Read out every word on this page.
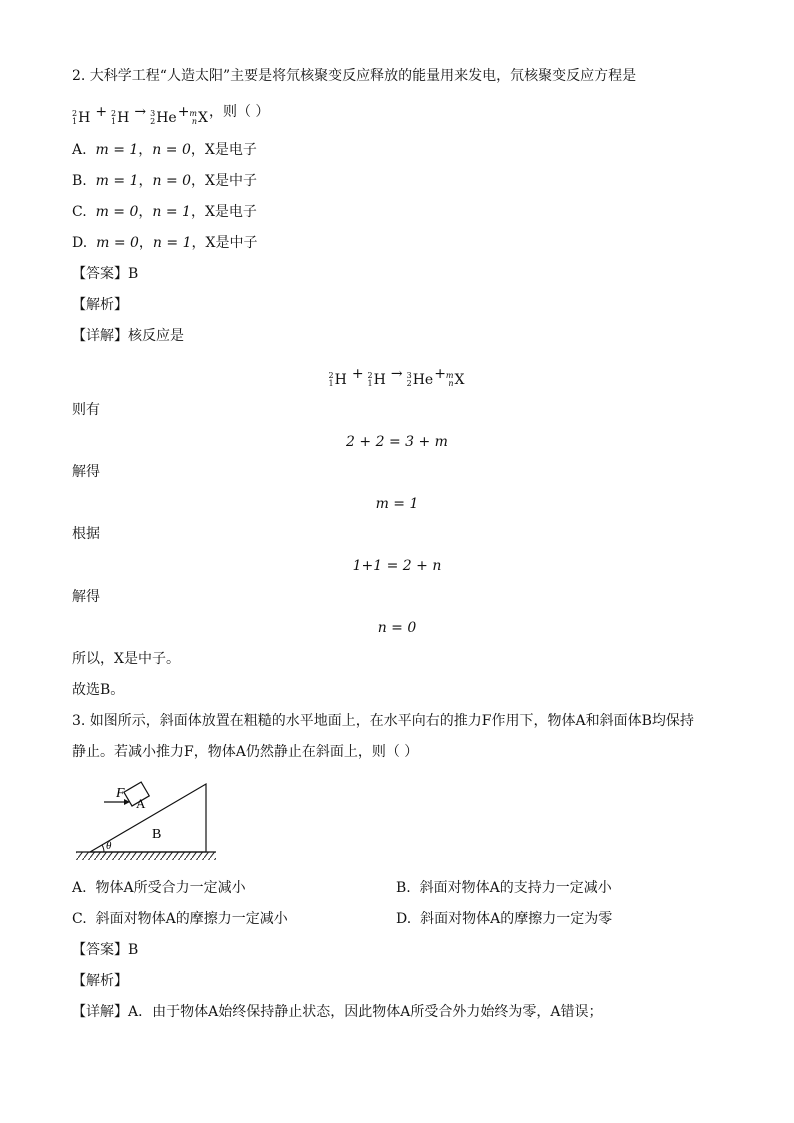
2. 大科学工程“人造太阳”主要是将氘核聚变反应释放的能量用来发电，氘核聚变反应方程是
2
1 H + 2
1 H → 3
2 He + m
n X ，则（ ）
A. m = 1，n = 0，X是电子
B. m = 1，n = 0，X是中子
C. m = 0，n = 1，X是电子
D. m = 0，n = 1，X是中子
【答案】B
【解析】
【详解】核反应是
2
1 H + 2
1 H → 3
2 He + m
n X
则有
2 + 2 = 3 + m
解得
m = 1
根据
1+1 = 2 + n
解得
n = 0
所以，X是中子。
故选B。
3. 如图所示，斜面体放置在粗糙的水平地面上，在水平向右的推力F作用下，物体A和斜面体B均保持
静止。若减小推力F，物体A仍然静止在斜面上，则（ ）
F
A
B
θ
A. 物体A所受合力一定减小	B. 斜面对物体A的支持力一定减小
C. 斜面对物体A的摩擦力一定减小	D. 斜面对物体A的摩擦力一定为零
【答案】B
【解析】
【详解】A．由于物体A始终保持静止状态，因此物体A所受合外力始终为零，A错误；
